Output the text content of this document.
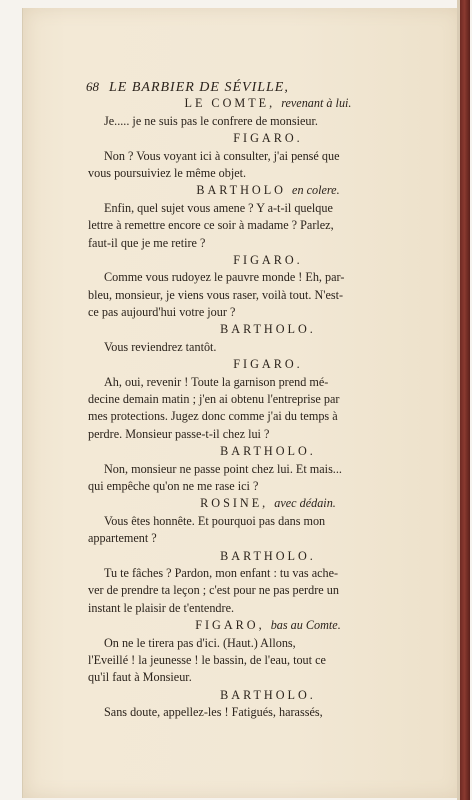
68 LE BARBIER DE SÉVILLE,
LE COMTE, revenant à lui.
Je..... je ne suis pas le confrere de monsieur.
FIGARO.
Non ? Vous voyant ici à consulter, j'ai pensé que
vous poursuiviez le même objet.
BARTHOLO en colere.
Enfin, quel sujet vous amene ? Y a-t-il quelque
lettre à remettre encore ce soir à madame ? Parlez,
faut-il que je me retire ?
FIGARO.
Comme vous rudoyez le pauvre monde ! Eh, par-
bleu, monsieur, je viens vous raser, voilà tout. N'est-
ce pas aujourd'hui votre jour ?
BARTHOLO.
Vous reviendrez tantôt.
FIGARO.
Ah, oui, revenir ! Toute la garnison prend mé-
decine demain matin ; j'en ai obtenu l'entreprise par
mes protections. Jugez donc comme j'ai du temps à
perdre. Monsieur passe-t-il chez lui ?
BARTHOLO.
Non, monsieur ne passe point chez lui. Et mais...
qui empêche qu'on ne me rase ici ?
ROSINE, avec dédain.
Vous êtes honnête. Et pourquoi pas dans mon
appartement ?
BARTHOLO.
Tu te fâches ? Pardon, mon enfant : tu vas ache-
ver de prendre ta leçon ; c'est pour ne pas perdre un
instant le plaisir de t'entendre.
FIGARO, bas au Comte.
On ne le tirera pas d'ici. (Haut.) Allons,
l'Eveillé ! la jeunesse ! le bassin, de l'eau, tout ce
qu'il faut à Monsieur.
BARTHOLO.
Sans doute, appellez-les ! Fatigués, harassés,
